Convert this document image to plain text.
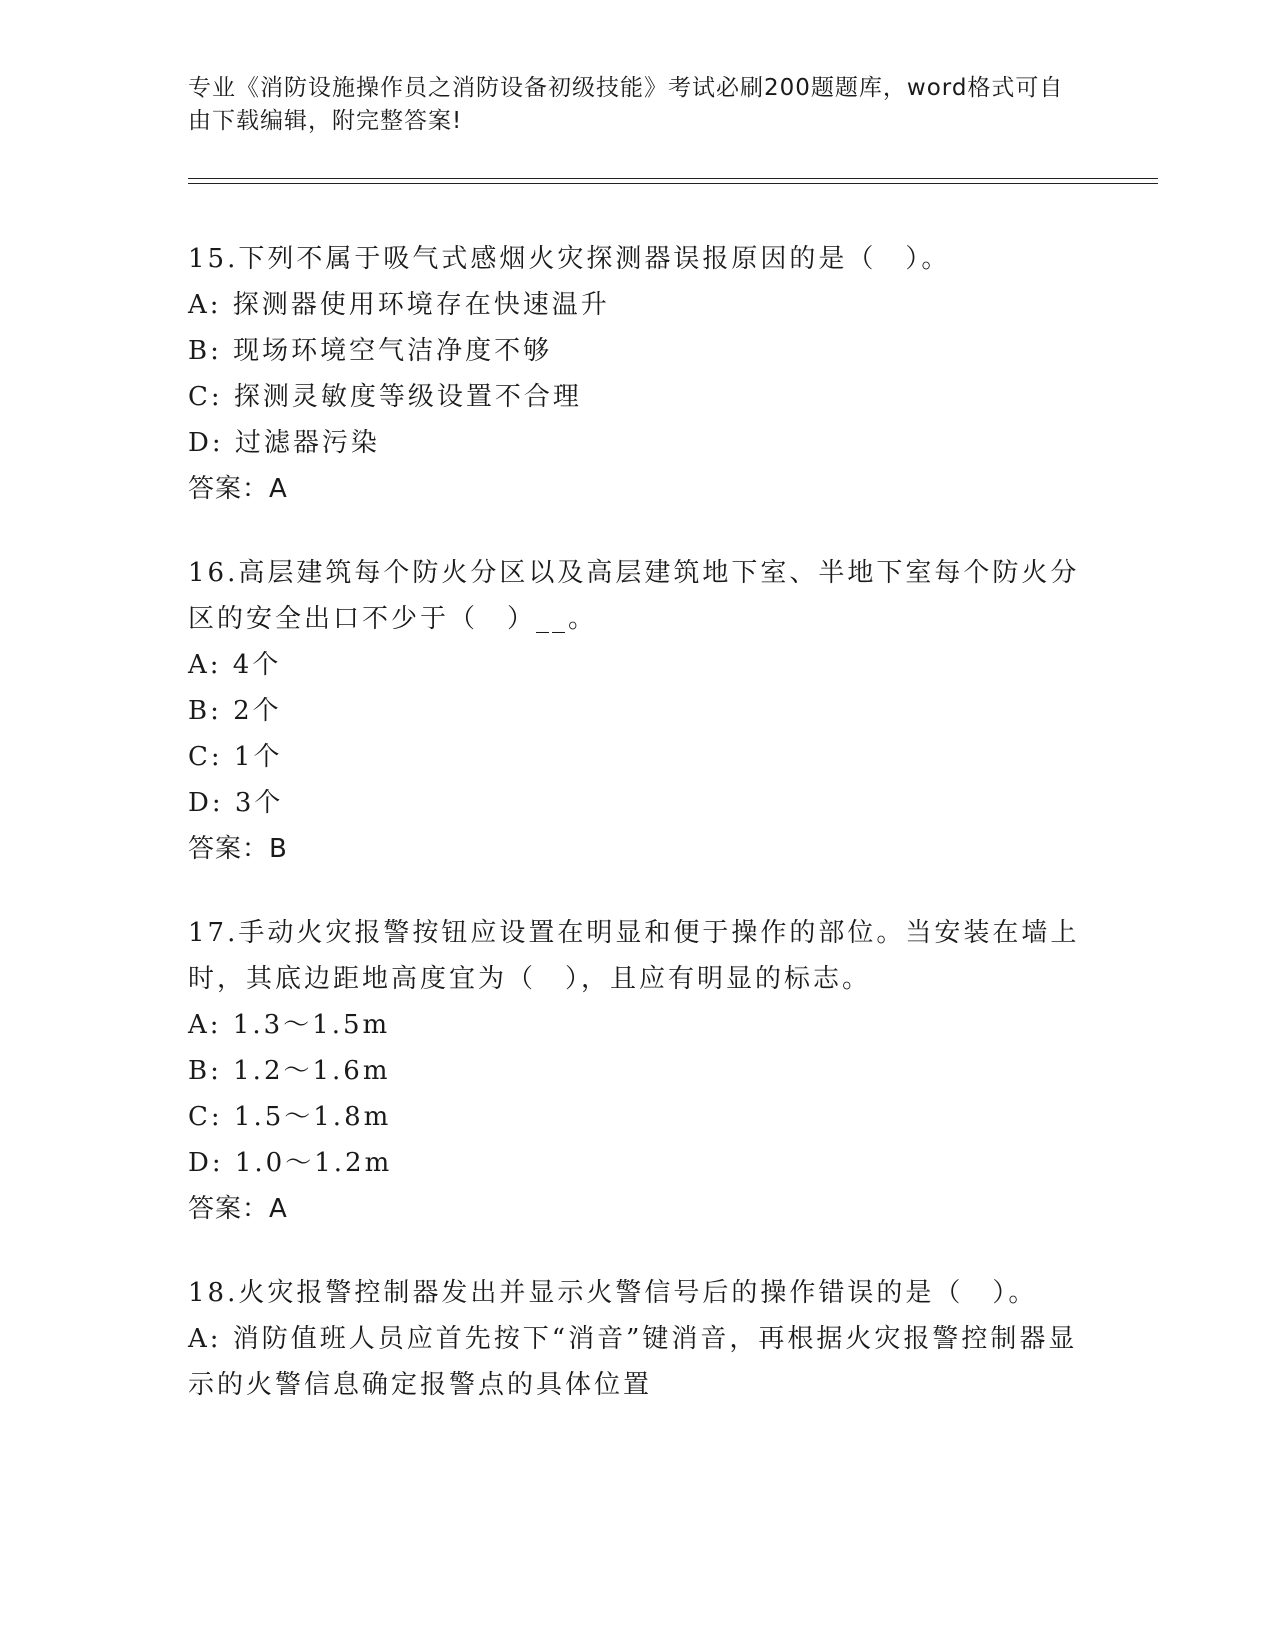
专业《消防设施操作员之消防设备初级技能》考试必刷200题题库，word格式可自由下载编辑，附完整答案!

15.下列不属于吸气式感烟火灾探测器误报原因的是（　）。

A: 探测器使用环境存在快速温升

B: 现场环境空气洁净度不够

C: 探测灵敏度等级设置不合理

D: 过滤器污染

答案：A

16.高层建筑每个防火分区以及高层建筑地下室、半地下室每个防火分区的安全出口不少于（　）__。

A: 4个

B: 2个

C: 1个

D: 3个

答案：B

17.手动火灾报警按钮应设置在明显和便于操作的部位。当安装在墙上时，其底边距地高度宜为（　），且应有明显的标志。

A: 1.3～1.5m

B: 1.2～1.6m

C: 1.5～1.8m

D: 1.0～1.2m

答案：A

18.火灾报警控制器发出并显示火警信号后的操作错误的是（　）。

A: 消防值班人员应首先按下“消音”键消音，再根据火灾报警控制器显示的火警信息确定报警点的具体位置
